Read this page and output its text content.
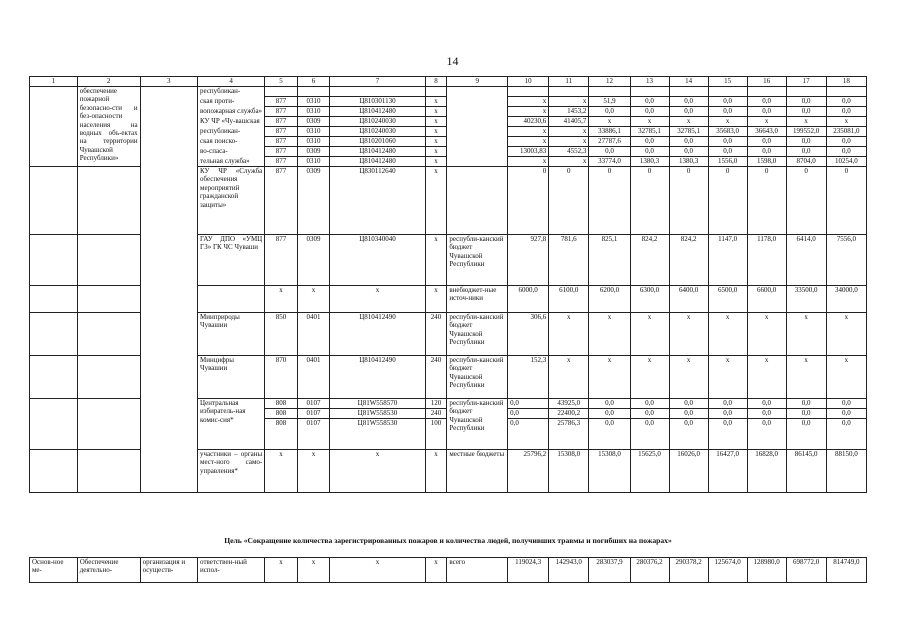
14
1	2	3	4	5	6	7	8	9	10	11	12	13	14	15	16	17	18
	обеспечение пожарной безопасно-сти и без-опасности населения на водных объ-ектах на территории Чувашской Республики»		республикан-														
			ская проти-	877	0310	Ц810301130	x		x	x	51,9	0,0	0,0	0,0	0,0	0,0	0,0
			вопожарная служба»	877	0310	Ц810412480	x		x	1453,2	0,0	0,0	0,0	0,0	0,0	0,0	0,0
			КУ ЧР «Чу-вашская	877	0309	Ц810240030	x		40230,6	41405,7	x	x	x	x	x	x	x
			республикан-	877	0310	Ц810240030	x		x	x	33886,1	32785,1	32785,1	35683,0	36643,0	199552,0	235081,0
			ская поиско-	877	0310	Ц810201060	x		x	x	27787,6	0,0	0,0	0,0	0,0	0,0	0,0
			во-спаса-	877	0309	Ц810412480	x		13003,83	4552,3	0,0	0,0	0,0	0,0	0,0	0,0	0,0
			тельная служба»	877	0310	Ц810412480	x		x	x	33774,0	1380,3	1380,3	1556,0	1598,0	8704,0	10254,0
			КУ ЧР «Служба обеспечения мероприятий гражданской защиты»	877	0309	Ц830112640	x		0	0	0	0	0	0	0	0	0
			ГАУ ДПО «УМЦ ГЗ» ГК ЧС Чуваши	877	0309	Ц810340040	x	республи-канский бюджет Чувашской Республики	927,8	781,6	825,1	824,2	824,2	1147,0	1178,0	6414,0	7556,0
				x	x	x	x	внебюджет-ные источ-ники	6000,0	6100,0	6200,0	6300,0	6400,0	6500,0	6600,0	33500,0	34000,0
			Минприроды Чувашии	850	0401	Ц810412490	240	республи-канский бюджет Чувашской Республики	306,6	x	x	x	x	x	x	x	x
			Минцифры Чувашии	870	0401	Ц810412490	240	республи-канский бюджет Чувашской Республики	152,3	x	x	x	x	x	x	x	x
			Центральная избиратель-ная комис-сия*	808	0107	Ц81W558570	120	республи-канский бюджет Чувашской Республики	0,0	43925,0	0,0	0,0	0,0	0,0	0,0	0,0	0,0
				808	0107	Ц81W558530	240		0,0	22400,2	0,0	0,0	0,0	0,0	0,0	0,0	0,0
				808	0107	Ц81W558530	100		0,0	25786,3	0,0	0,0	0,0	0,0	0,0	0,0	0,0
			участники – органы мест-ного само-управления*	x	x	x	x	местные бюджеты	25796,2	15308,0	15308,0	15625,0	16026,0	16427,0	16828,0	86145,0	88150,0
Цель «Сокращение количества зарегистрированных пожаров и количества людей, получивших травмы и погибших на пожарах»
Основ-ное ме-	Обеспечение деятельно-	организация и осуществ-	ответствен-ный испол-	x	x	x	x	всего	119024,3	142943,0	283037,9	280376,2	290378,2	125674,0	128980,0	698772,0	814749,0
